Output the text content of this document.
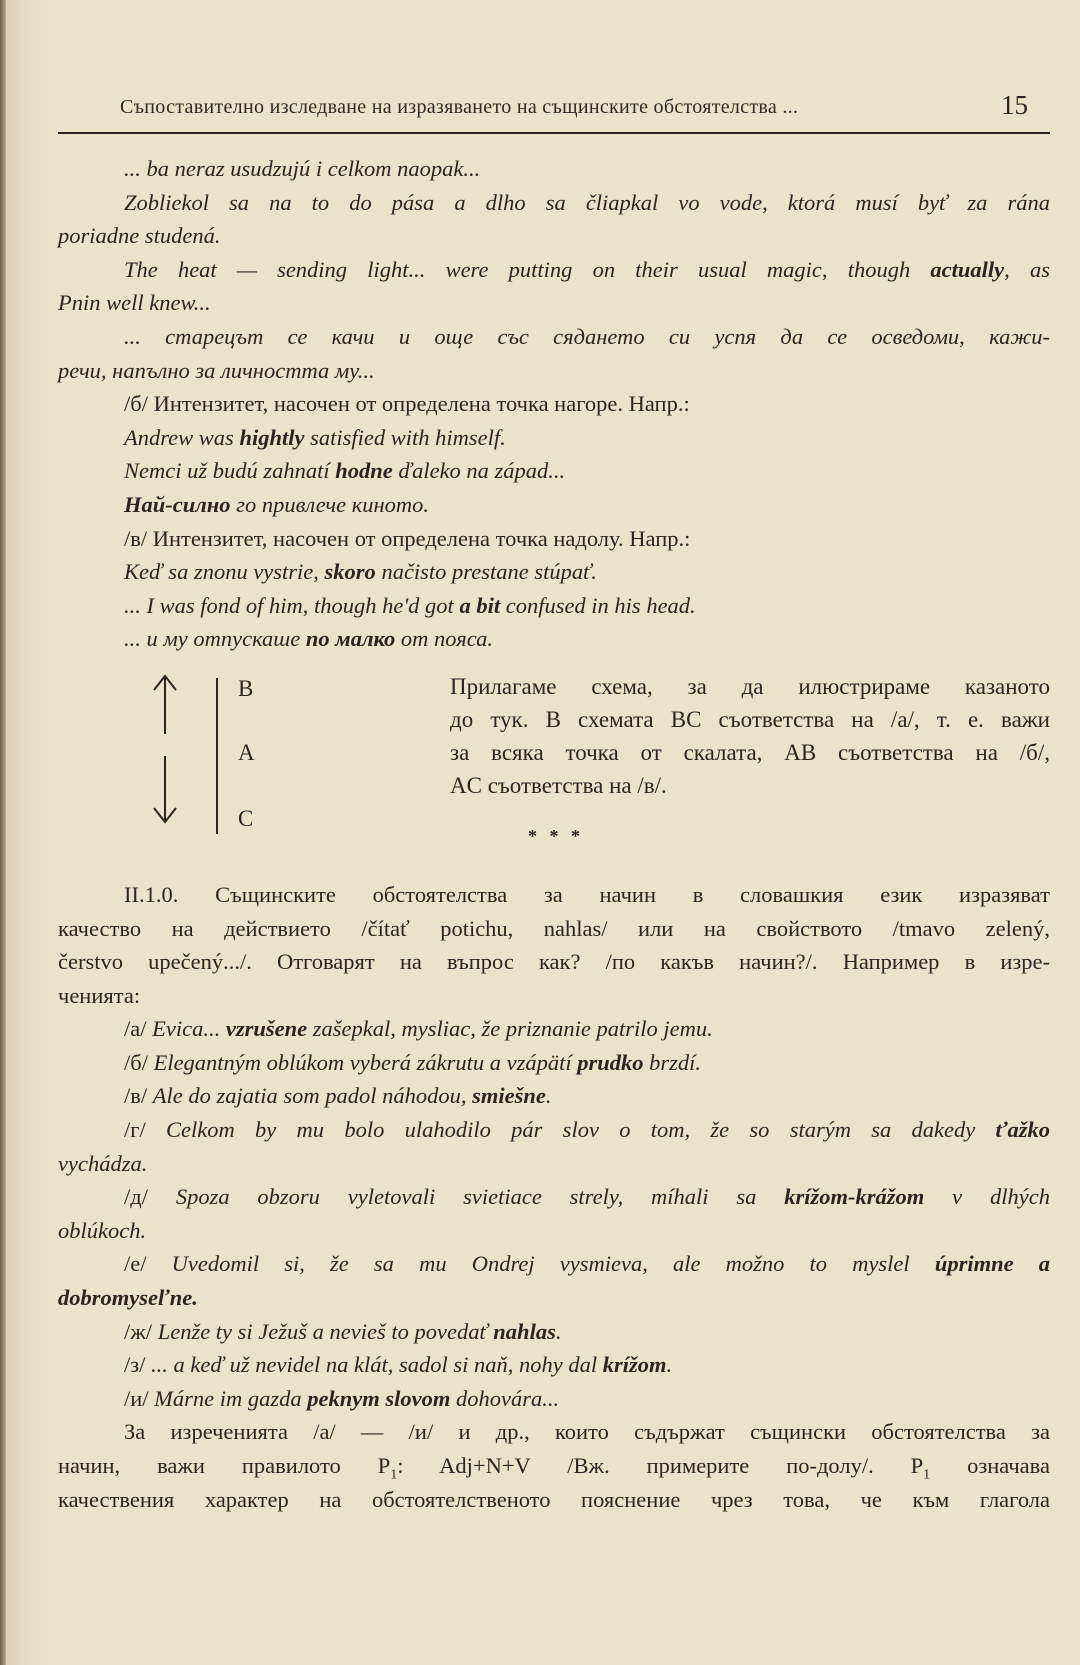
Съпоставително изследване на изразяването на същинските обстоятелства ...	15
... ba neraz usudzujú i celkom naopak...
Zobliekol sa na to do pása a dlho sa čliapkal vo vode, ktorá musí byť za rána
poriadne studená.
The heat — sending light... were putting on their usual magic, though actually, as
Pnin well knew...
... старецът се качи и още със сядането си успя да се осведоми, кажи-
речи, напълно за личността му...
/б/ Интензитет, насочен от определена точка нагоре. Напр.:
Andrew was hightly satisfied with himself.
Nemci už budú zahnatí hodne ďaleko na západ...
Най-силно го привлече киното.
/в/ Интензитет, насочен от определена точка надолу. Напр.:
Keď sa znonu vystrie, skoro načisto prestane stúpať.
... I was fond of him, though he'd got a bit confused in his head.
... и му отпускаше по малко от пояса.
B
A
C
Прилагаме схема, за да илюстрираме казаното
до тук. В схемата BC съответства на /а/, т. е. важи
за всяка точка от скалата, AB съответства на /б/,
AC съответства на /в/.
* * *
II.1.0. Същинските обстоятелства за начин в словашкия език изразяват
качество на действието /čítať potichu, nahlas/ или на свойството /tmavo zelený,
čerstvo upečený.../. Отговарят на въпрос как? /по какъв начин?/. Например в изре-
ченията:
/а/ Evica... vzrušene zašepkal, mysliac, že priznanie patrilo jemu.
/б/ Elegantným oblúkom vyberá zákrutu a vzápätí prudko brzdí.
/в/ Ale do zajatia som padol náhodou, smiešne.
/г/ Celkom by mu bolo ulahodilo pár slov o tom, že so starým sa dakedy ťažko
vychádza.
/д/ Spoza obzoru vyletovali svietiace strely, míhali sa krížom-krážom v dlhých
oblúkoch.
/е/ Uvedomil si, že sa mu Ondrej vysmieva, ale možno to myslel úprimne a
dobromyseľne.
/ж/ Lenže ty si Ježuš a nevieš to povedať nahlas.
/з/ ... a keď už nevidel na klát, sadol si naň, nohy dal krížom.
/и/ Márne im gazda peknym slovom dohovára...
За изреченията /а/ — /и/ и др., които съдържат същински обстоятелства за
начин, важи правилото $P_1$: Adj+N+V /Вж. примерите по-долу/. $P_1$ означава
качествения характер на обстоятелственото пояснение чрез това, че към глагола
